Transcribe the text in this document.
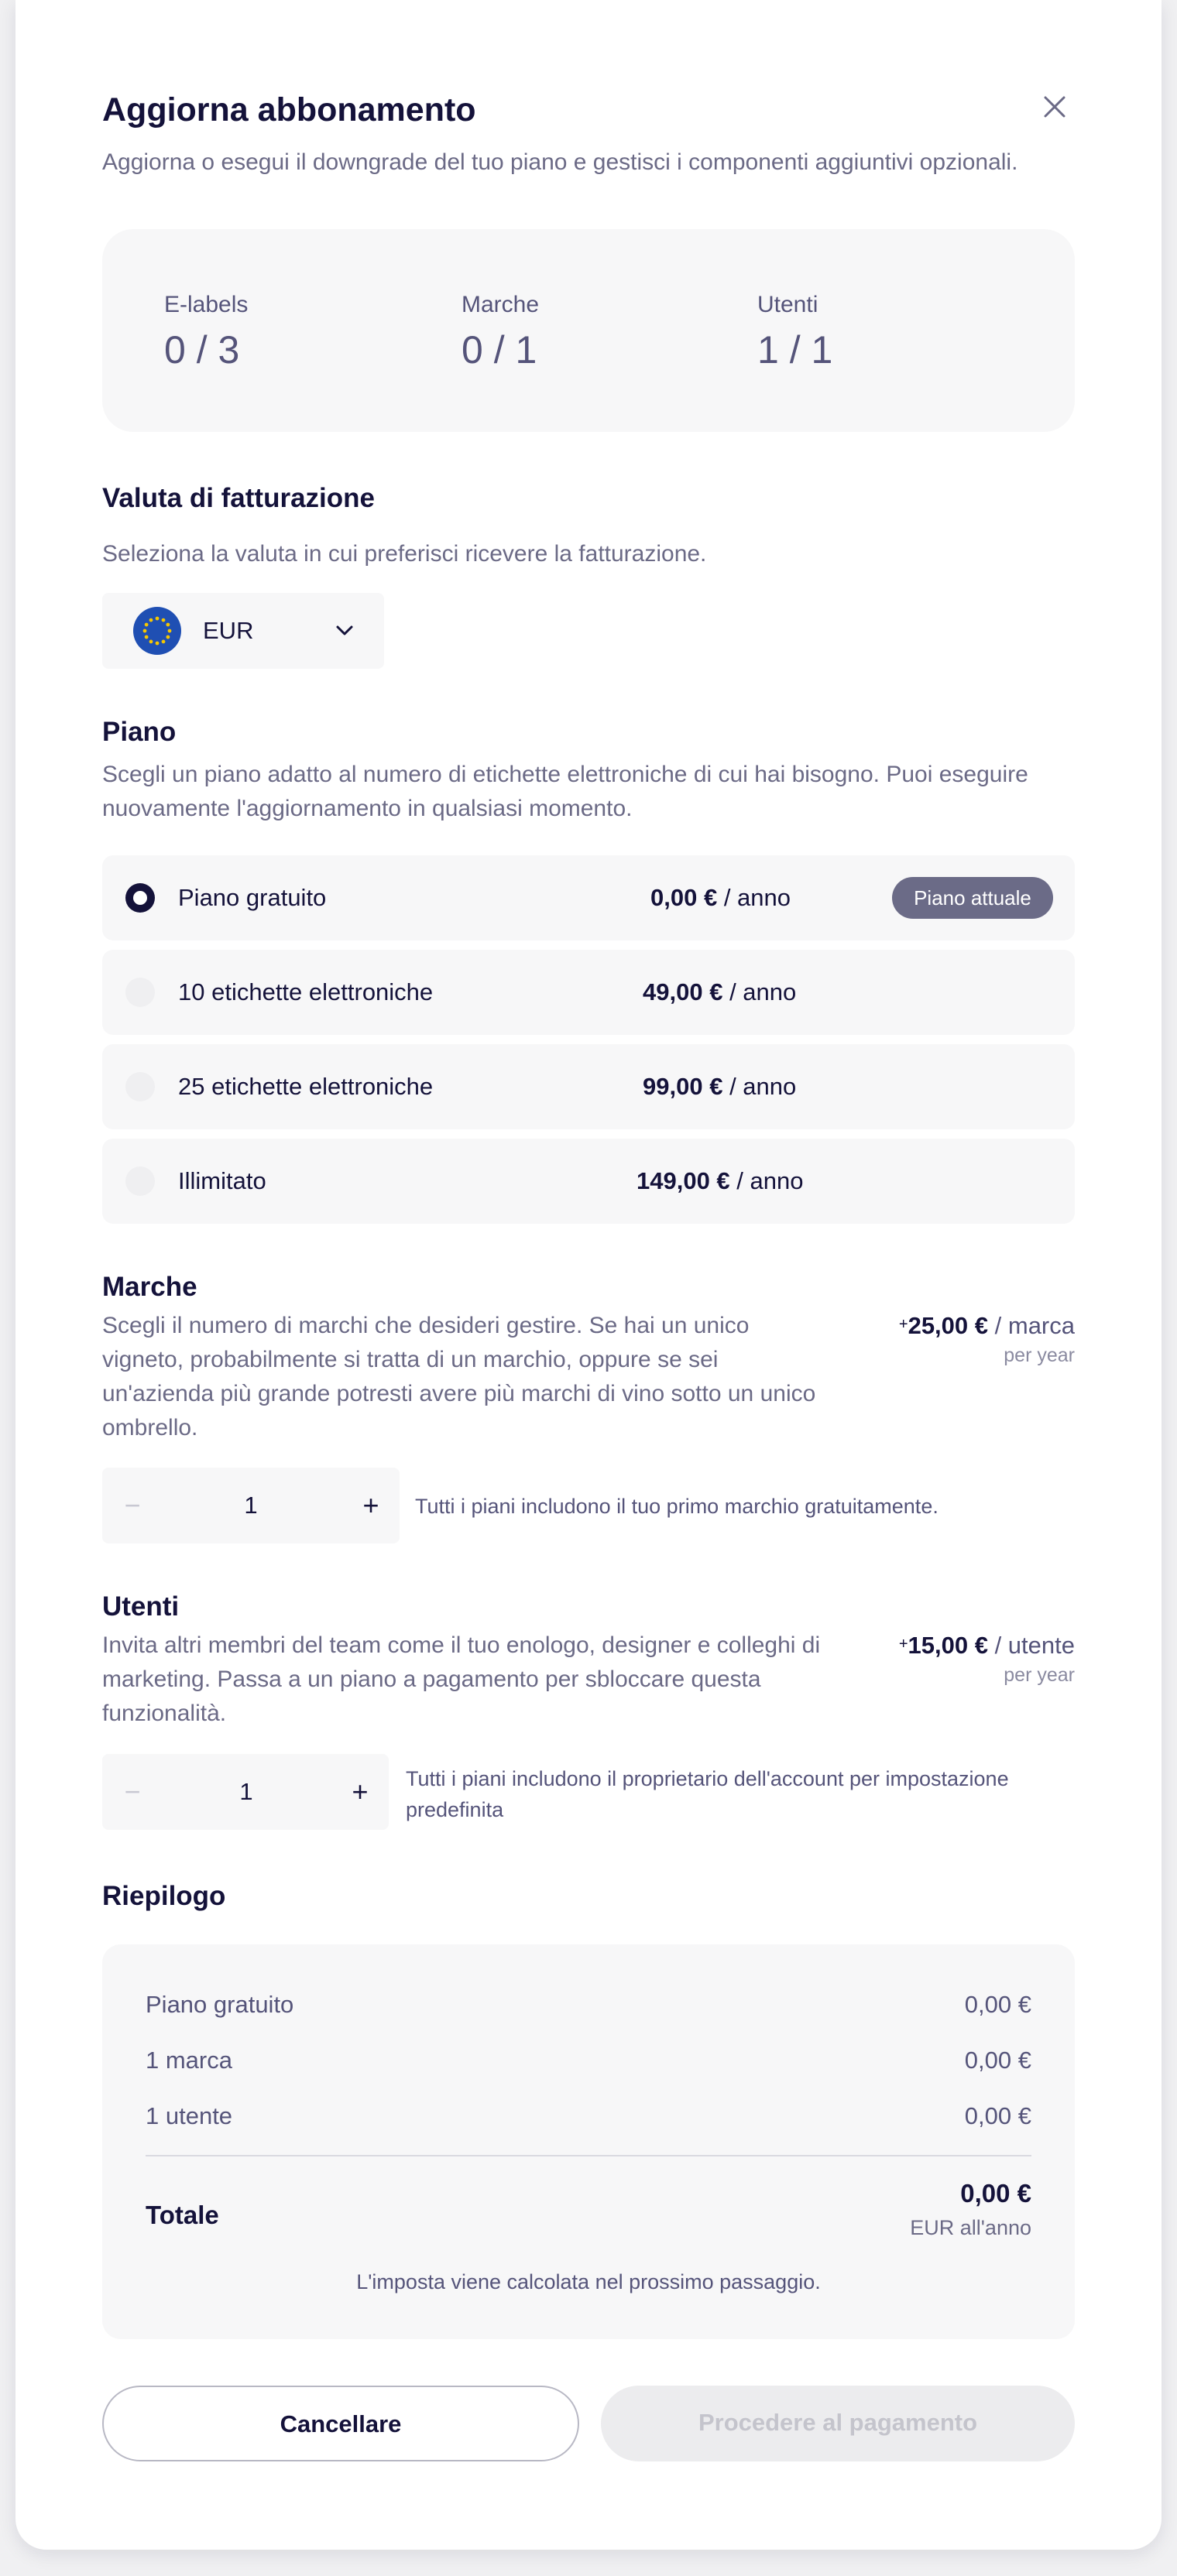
Aggiorna abbonamento
Aggiorna o esegui il downgrade del tuo piano e gestisci i componenti aggiuntivi opzionali.
E-labels
0 / 3
Marche
0 / 1
Utenti
1 / 1
Valuta di fatturazione
Seleziona la valuta in cui preferisci ricevere la fatturazione.
EUR
Piano
Scegli un piano adatto al numero di etichette elettroniche di cui hai bisogno. Puoi eseguire
nuovamente l'aggiornamento in qualsiasi momento.
Piano gratuito	0,00 € / anno	Piano attuale
10 etichette elettroniche	49,00 € / anno
25 etichette elettroniche	99,00 € / anno
Illimitato	149,00 € / anno
Marche
Scegli il numero di marchi che desideri gestire. Se hai un unico
vigneto, probabilmente si tratta di un marchio, oppure se sei
un'azienda più grande potresti avere più marchi di vino sotto un unico
ombrello.
+25,00 € / marca
per year
−	1	+	Tutti i piani includono il tuo primo marchio gratuitamente.
Utenti
Invita altri membri del team come il tuo enologo, designer e colleghi di
marketing. Passa a un piano a pagamento per sbloccare questa
funzionalità.
+15,00 € / utente
per year
−	1	+	Tutti i piani includono il proprietario dell'account per impostazione
predefinita
Riepilogo
Piano gratuito	0,00 €
1 marca	0,00 €
1 utente	0,00 €
Totale
0,00 €
EUR all'anno
L'imposta viene calcolata nel prossimo passaggio.
Cancellare	Procedere al pagamento
